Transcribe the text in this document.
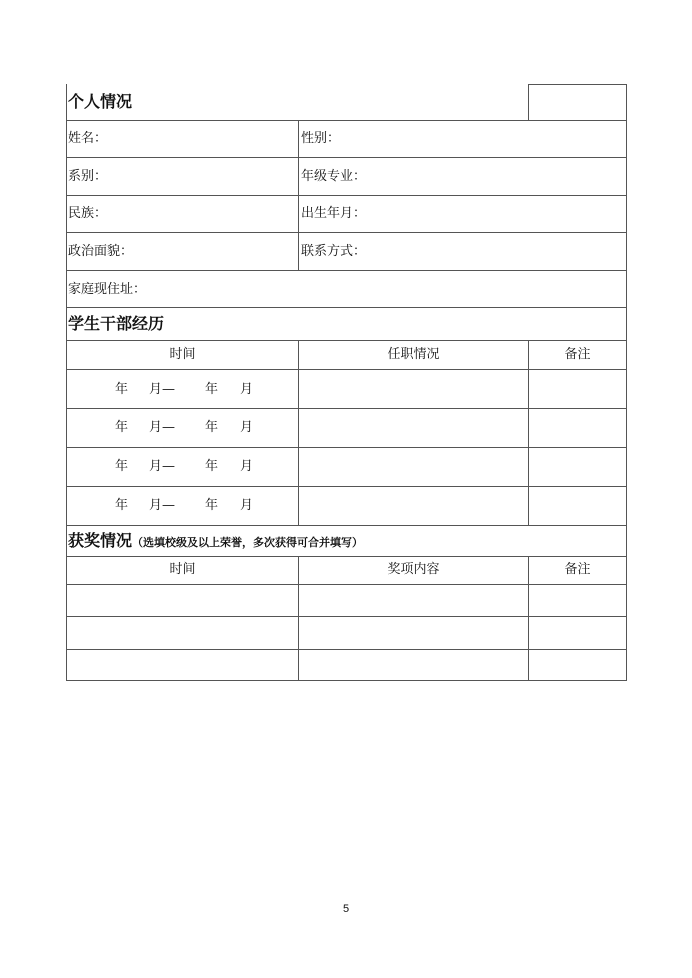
个人情况
姓名：	性别：
系别：	年级专业：
民族：	出生年月：
政治面貌：	联系方式：
家庭现住址：
学生干部经历
时间	任职情况	备注
年 月— 年 月
年 月— 年 月
年 月— 年 月
年 月— 年 月
获奖情况（选填校级及以上荣誉，多次获得可合并填写）
时间	奖项内容	备注
5
